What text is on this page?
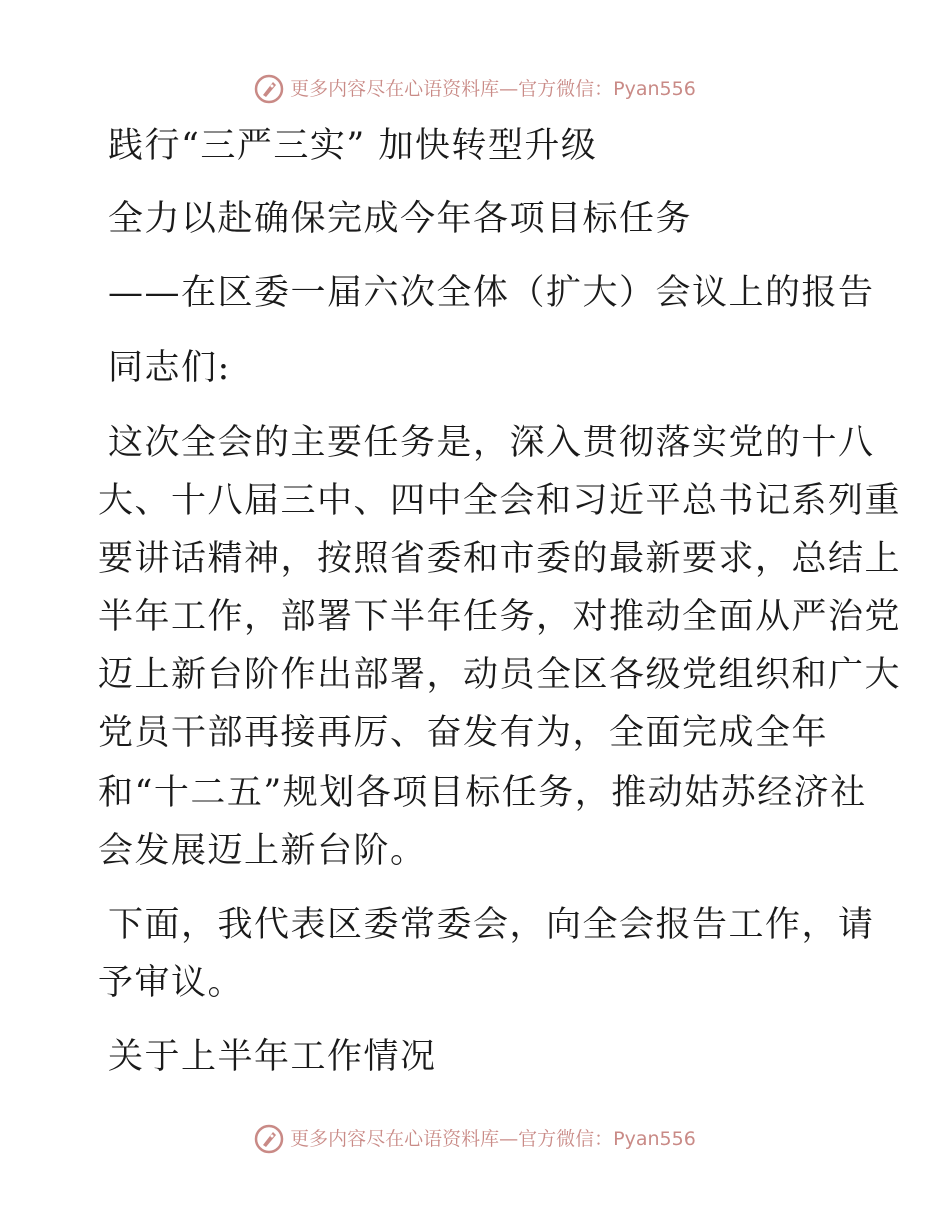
更多内容尽在心语资料库—官方微信：Pyan556
践行“三严三实” 加快转型升级
全力以赴确保完成今年各项目标任务
——在区委一届六次全体（扩大）会议上的报告
同志们:
这次全会的主要任务是，深入贯彻落实党的十八
大、十八届三中、四中全会和习近平总书记系列重
要讲话精神，按照省委和市委的最新要求，总结上
半年工作，部署下半年任务，对推动全面从严治党
迈上新台阶作出部署，动员全区各级党组织和广大
党员干部再接再厉、奋发有为，全面完成全年
和“十二五”规划各项目标任务，推动姑苏经济社
会发展迈上新台阶。
下面，我代表区委常委会，向全会报告工作，请
予审议。
关于上半年工作情况
更多内容尽在心语资料库—官方微信：Pyan556
